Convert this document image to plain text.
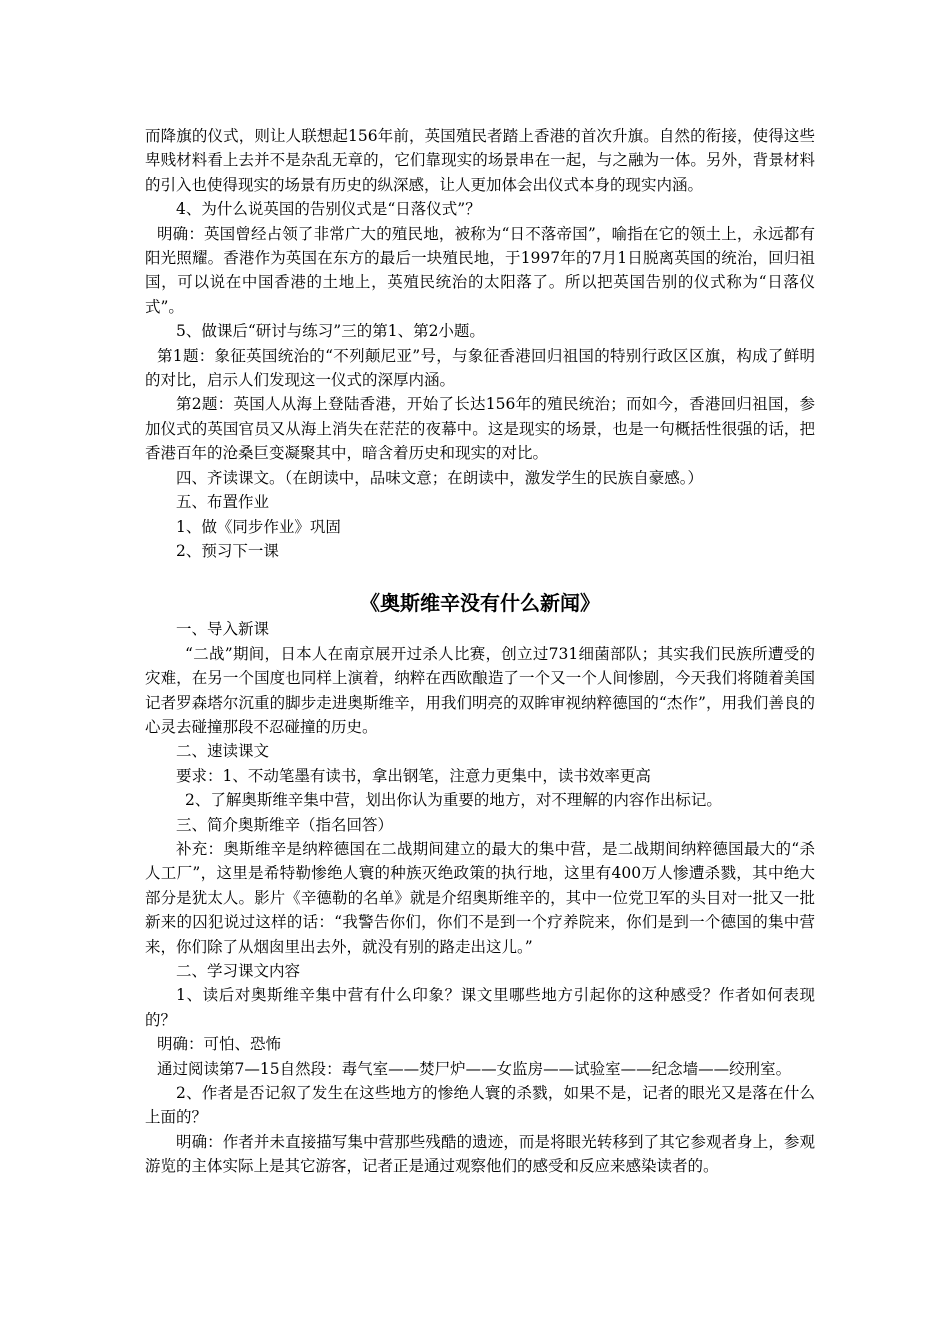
而降旗的仪式，则让人联想起156年前，英国殖民者踏上香港的首次升旗。自然的衔接，使得这些卑贱材料看上去并不是杂乱无章的，它们靠现实的场景串在一起，与之融为一体。另外，背景材料的引入也使得现实的场景有历史的纵深感，让人更加体会出仪式本身的现实内涵。

4、为什么说英国的告别仪式是“日落仪式”？

明确：英国曾经占领了非常广大的殖民地，被称为“日不落帝国”，喻指在它的领土上，永远都有阳光照耀。香港作为英国在东方的最后一块殖民地，于1997年的7月1日脱离英国的统治，回归祖国，可以说在中国香港的土地上，英殖民统治的太阳落了。所以把英国告别的仪式称为“日落仪式”。

5、做课后“研讨与练习”三的第1、第2小题。

第1题：象征英国统治的“不列颠尼亚”号，与象征香港回归祖国的特别行政区区旗，构成了鲜明的对比，启示人们发现这一仪式的深厚内涵。

第2题：英国人从海上登陆香港，开始了长达156年的殖民统治；而如今，香港回归祖国，参加仪式的英国官员又从海上消失在茫茫的夜幕中。这是现实的场景，也是一句概括性很强的话，把香港百年的沧桑巨变凝聚其中，暗含着历史和现实的对比。

四、齐读课文。（在朗读中，品味文意；在朗读中，激发学生的民族自豪感。）

五、布置作业

1、做《同步作业》巩固

2、预习下一课

《奥斯维辛没有什么新闻》

一、导入新课

“二战”期间，日本人在南京展开过杀人比赛，创立过731细菌部队；其实我们民族所遭受的灾难，在另一个国度也同样上演着，纳粹在西欧酿造了一个又一个人间惨剧，今天我们将随着美国记者罗森塔尔沉重的脚步走进奥斯维辛，用我们明亮的双眸审视纳粹德国的“杰作”，用我们善良的心灵去碰撞那段不忍碰撞的历史。

二、速读课文

要求：1、不动笔墨有读书，拿出钢笔，注意力更集中，读书效率更高

2、了解奥斯维辛集中营，划出你认为重要的地方，对不理解的内容作出标记。

三、简介奥斯维辛（指名回答）

补充：奥斯维辛是纳粹德国在二战期间建立的最大的集中营，是二战期间纳粹德国最大的“杀人工厂”，这里是希特勒惨绝人寰的种族灭绝政策的执行地，这里有400万人惨遭杀戮，其中绝大部分是犹太人。影片《辛德勒的名单》就是介绍奥斯维辛的，其中一位党卫军的头目对一批又一批新来的囚犯说过这样的话：“我警告你们，你们不是到一个疗养院来，你们是到一个德国的集中营来，你们除了从烟囱里出去外，就没有别的路走出这儿。”

二、学习课文内容

1、读后对奥斯维辛集中营有什么印象？课文里哪些地方引起你的这种感受？作者如何表现的？

明确：可怕、恐怖

通过阅读第7—15自然段：毒气室——焚尸炉——女监房——试验室——纪念墙——绞刑室。

2、作者是否记叙了发生在这些地方的惨绝人寰的杀戮，如果不是，记者的眼光又是落在什么上面的？

明确：作者并未直接描写集中营那些残酷的遗迹，而是将眼光转移到了其它参观者身上，参观游览的主体实际上是其它游客，记者正是通过观察他们的感受和反应来感染读者的。
